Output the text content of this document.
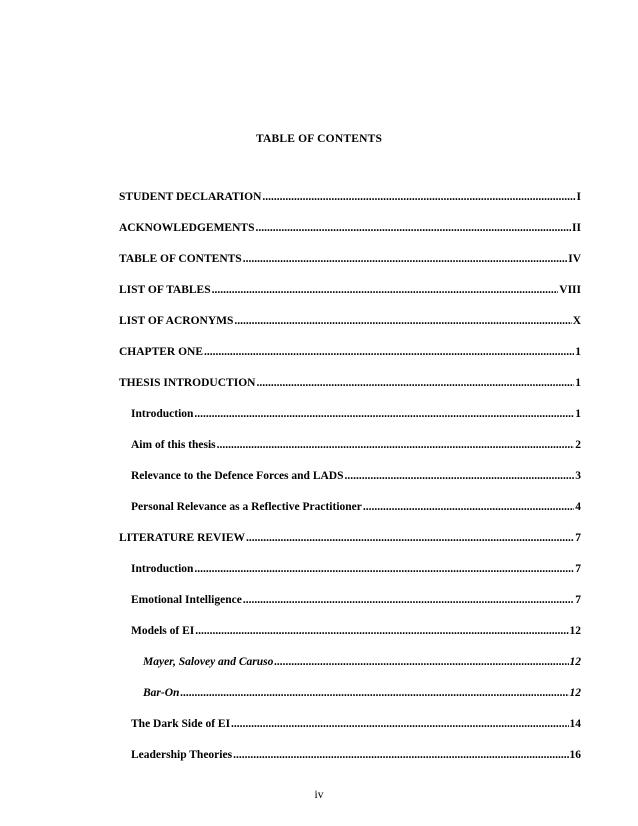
TABLE OF CONTENTS
STUDENT DECLARATION .....	I
ACKNOWLEDGEMENTS .....	II
TABLE OF CONTENTS .....	IV
LIST OF TABLES .....	VIII
LIST OF ACRONYMS .....	X
CHAPTER ONE .....	1
THESIS INTRODUCTION .....	1
Introduction .....	1
Aim of this thesis .....	2
Relevance to the Defence Forces and LADS .....	3
Personal Relevance as a Reflective Practitioner .....	4
LITERATURE REVIEW .....	7
Introduction .....	7
Emotional Intelligence .....	7
Models of EI .....	12
Mayer, Salovey and Caruso .....	12
Bar-On .....	12
The Dark Side of EI .....	14
Leadership Theories .....	16
iv
